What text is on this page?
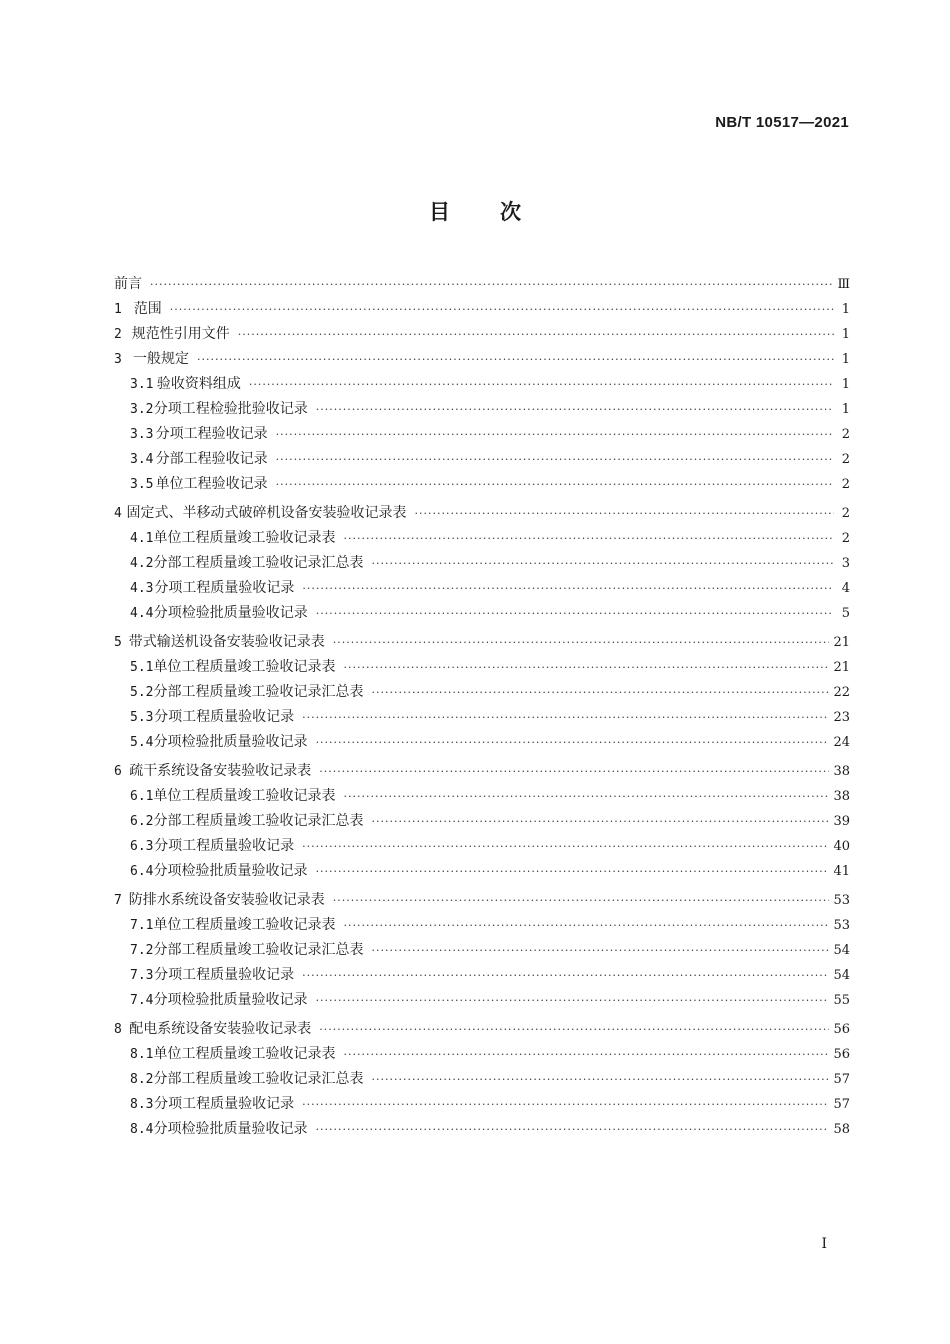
NB/T 10517—2021
目次
前言 ·····	Ⅲ
1 范围 ·····	1
2 规范性引用文件 ·····	1
3 一般规定 ·····	1
3.1 验收资料组成 ·····	1
3.2 分项工程检验批验收记录 ·····	1
3.3 分项工程验收记录 ·····	2
3.4 分部工程验收记录 ·····	2
3.5 单位工程验收记录 ·····	2
4 固定式、半移动式破碎机设备安装验收记录表 ·····	2
4.1 单位工程质量竣工验收记录表 ·····	2
4.2 分部工程质量竣工验收记录汇总表 ·····	3
4.3 分项工程质量验收记录 ·····	4
4.4 分项检验批质量验收记录 ·····	5
5 带式输送机设备安装验收记录表 ·····	21
5.1 单位工程质量竣工验收记录表 ·····	21
5.2 分部工程质量竣工验收记录汇总表 ·····	22
5.3 分项工程质量验收记录 ·····	23
5.4 分项检验批质量验收记录 ·····	24
6 疏干系统设备安装验收记录表 ·····	38
6.1 单位工程质量竣工验收记录表 ·····	38
6.2 分部工程质量竣工验收记录汇总表 ·····	39
6.3 分项工程质量验收记录 ·····	40
6.4 分项检验批质量验收记录 ·····	41
7 防排水系统设备安装验收记录表 ·····	53
7.1 单位工程质量竣工验收记录表 ·····	53
7.2 分部工程质量竣工验收记录汇总表 ·····	54
7.3 分项工程质量验收记录 ·····	54
7.4 分项检验批质量验收记录 ·····	55
8 配电系统设备安装验收记录表 ·····	56
8.1 单位工程质量竣工验收记录表 ·····	56
8.2 分部工程质量竣工验收记录汇总表 ·····	57
8.3 分项工程质量验收记录 ·····	57
8.4 分项检验批质量验收记录 ·····	58
I
